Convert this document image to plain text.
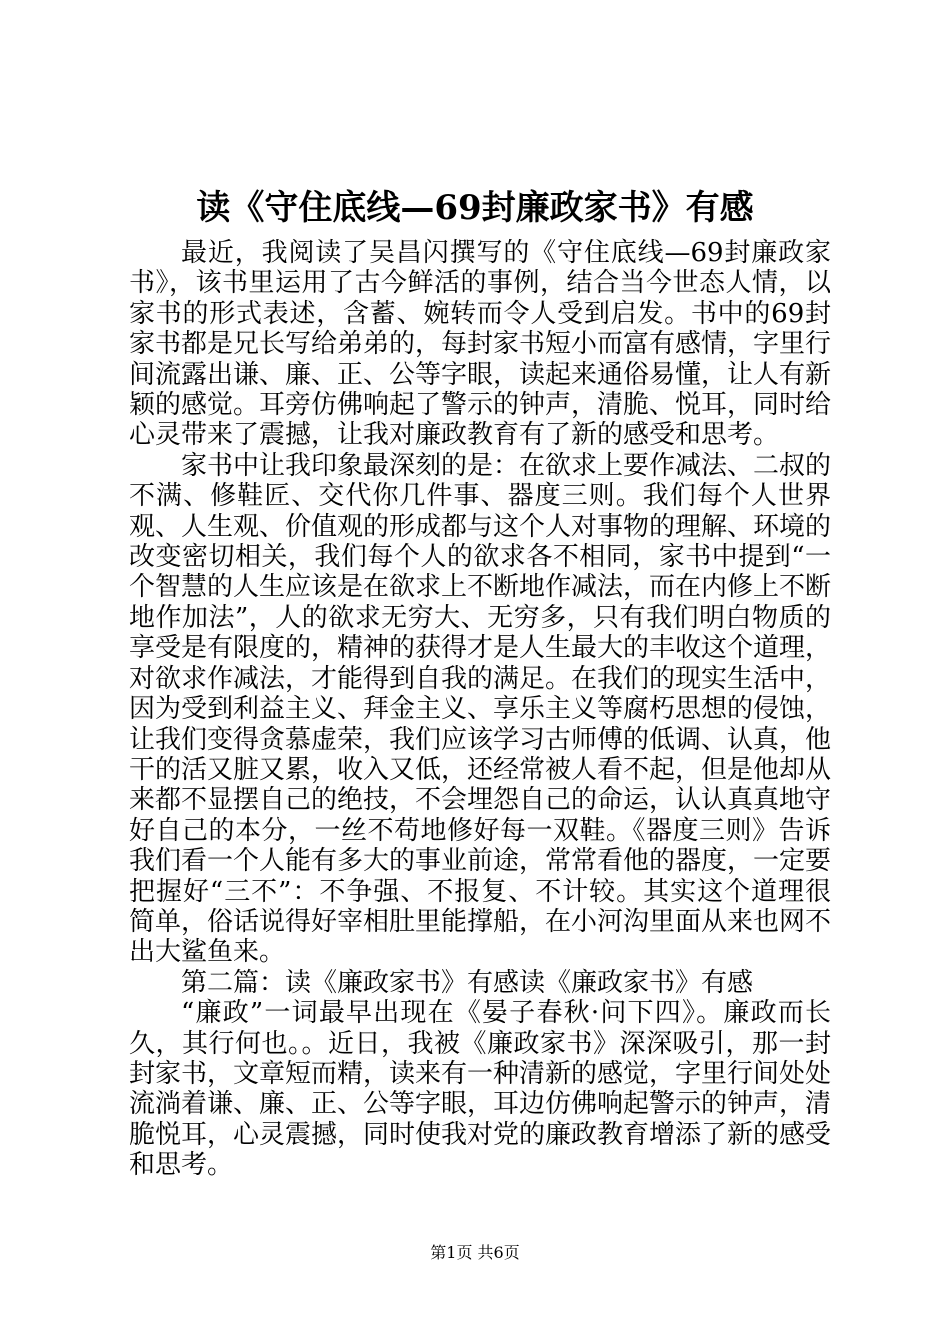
读《守住底线—69封廉政家书》有感

最近，我阅读了吴昌闪撰写的《守住底线—69封廉政家书》，该书里运用了古今鲜活的事例，结合当今世态人情，以家书的形式表述，含蓄、婉转而令人受到启发。书中的69封家书都是兄长写给弟弟的，每封家书短小而富有感情，字里行间流露出谦、廉、正、公等字眼，读起来通俗易懂，让人有新颖的感觉。耳旁仿佛响起了警示的钟声，清脆、悦耳，同时给心灵带来了震撼，让我对廉政教育有了新的感受和思考。

家书中让我印象最深刻的是：在欲求上要作减法、二叔的不满、修鞋匠、交代你几件事、器度三则。我们每个人世界观、人生观、价值观的形成都与这个人对事物的理解、环境的改变密切相关，我们每个人的欲求各不相同，家书中提到“一个智慧的人生应该是在欲求上不断地作减法，而在内修上不断地作加法”，人的欲求无穷大、无穷多，只有我们明白物质的享受是有限度的，精神的获得才是人生最大的丰收这个道理，对欲求作减法，才能得到自我的满足。在我们的现实生活中，因为受到利益主义、拜金主义、享乐主义等腐朽思想的侵蚀，让我们变得贪慕虚荣，我们应该学习古师傅的低调、认真，他干的活又脏又累，收入又低，还经常被人看不起，但是他却从来都不显摆自己的绝技，不会埋怨自己的命运，认认真真地守好自己的本分，一丝不苟地修好每一双鞋。《器度三则》告诉我们看一个人能有多大的事业前途，常常看他的器度，一定要把握好“三不”：不争强、不报复、不计较。其实这个道理很简单，俗话说得好宰相肚里能撑船，在小河沟里面从来也网不出大鲨鱼来。

第二篇：读《廉政家书》有感读《廉政家书》有感

“廉政”一词最早出现在《晏子春秋·问下四》。廉政而长久，其行何也。。近日，我被《廉政家书》深深吸引，那一封封家书，文章短而精，读来有一种清新的感觉，字里行间处处流淌着谦、廉、正、公等字眼，耳边仿佛响起警示的钟声，清脆悦耳，心灵震撼，同时使我对党的廉政教育增添了新的感受和思考。

第1页 共6页
